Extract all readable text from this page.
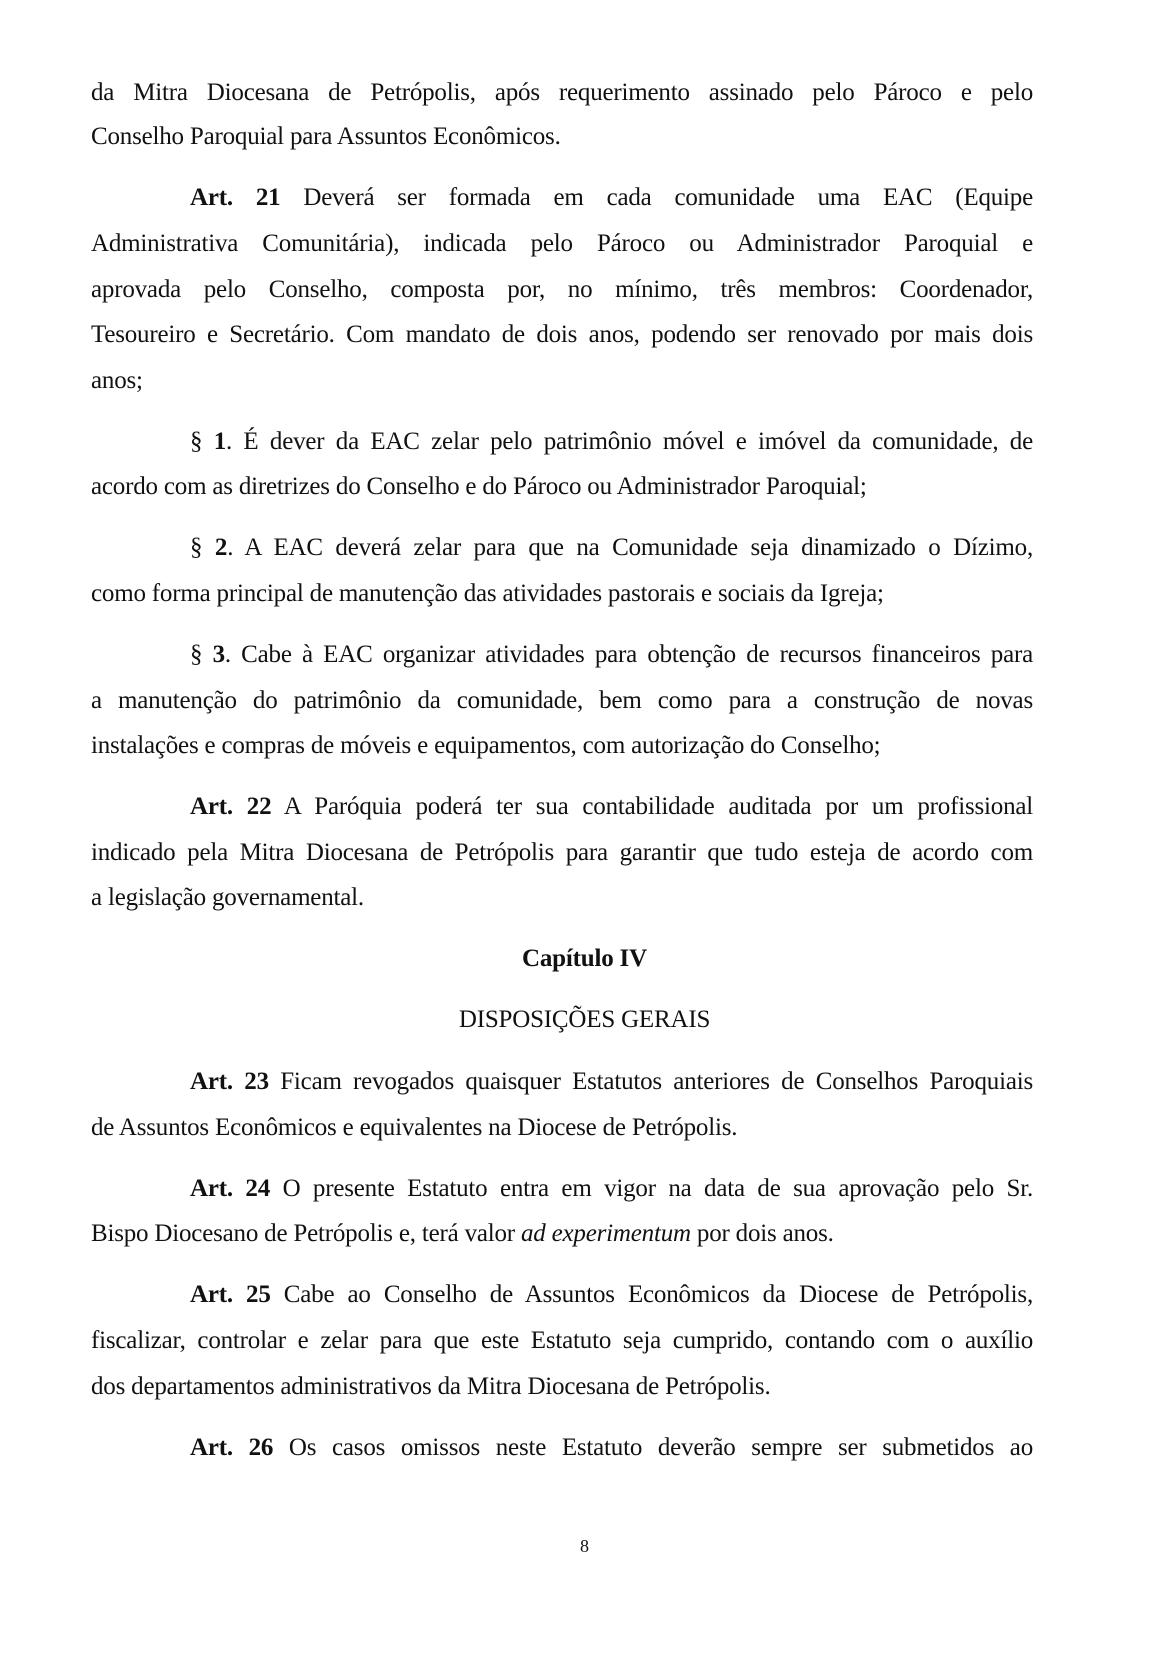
da Mitra Diocesana de Petrópolis, após requerimento assinado pelo Pároco e pelo
Conselho Paroquial para Assuntos Econômicos.
Art. 21 Deverá ser formada em cada comunidade uma EAC (Equipe
Administrativa Comunitária), indicada pelo Pároco ou Administrador Paroquial e
aprovada pelo Conselho, composta por, no mínimo, três membros: Coordenador,
Tesoureiro e Secretário. Com mandato de dois anos, podendo ser renovado por mais dois
anos;
§ 1. É dever da EAC zelar pelo patrimônio móvel e imóvel da comunidade, de
acordo com as diretrizes do Conselho e do Pároco ou Administrador Paroquial;
§ 2. A EAC deverá zelar para que na Comunidade seja dinamizado o Dízimo,
como forma principal de manutenção das atividades pastorais e sociais da Igreja;
§ 3. Cabe à EAC organizar atividades para obtenção de recursos financeiros para
a manutenção do patrimônio da comunidade, bem como para a construção de novas
instalações e compras de móveis e equipamentos, com autorização do Conselho;
Art. 22 A Paróquia poderá ter sua contabilidade auditada por um profissional
indicado pela Mitra Diocesana de Petrópolis para garantir que tudo esteja de acordo com
a legislação governamental.
Capítulo IV
DISPOSIÇÕES GERAIS
Art. 23 Ficam revogados quaisquer Estatutos anteriores de Conselhos Paroquiais
de Assuntos Econômicos e equivalentes na Diocese de Petrópolis.
Art. 24 O presente Estatuto entra em vigor na data de sua aprovação pelo Sr.
Bispo Diocesano de Petrópolis e, terá valor ad experimentum por dois anos.
Art. 25 Cabe ao Conselho de Assuntos Econômicos da Diocese de Petrópolis,
fiscalizar, controlar e zelar para que este Estatuto seja cumprido, contando com o auxílio
dos departamentos administrativos da Mitra Diocesana de Petrópolis.
Art. 26 Os casos omissos neste Estatuto deverão sempre ser submetidos ao
8
